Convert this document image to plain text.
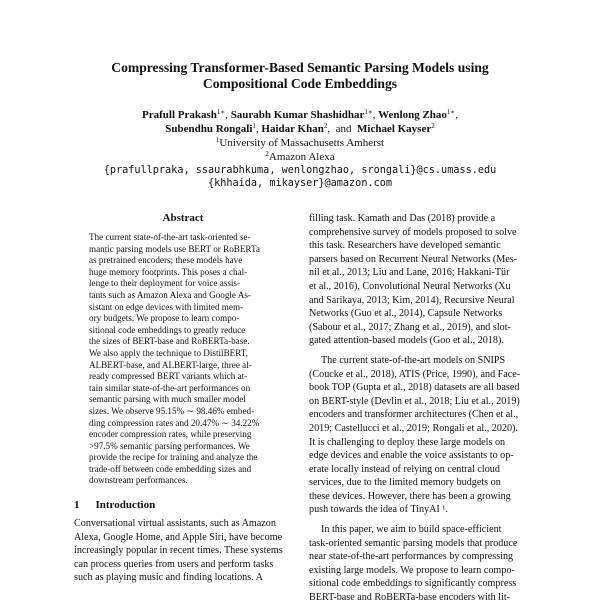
Compressing Transformer-Based Semantic Parsing Models using
Compositional Code Embeddings
Prafull Prakash$^{1∗}$, Saurabh Kumar Shashidhar$^{1∗}$, Wenlong Zhao$^{1∗}$,
Subendhu Rongali$^1$, Haidar Khan$^2$, and Michael Kayser$^2$
$^1$University of Massachusetts Amherst
$^2$Amazon Alexa
{prafullpraka, ssaurabhkuma, wenlongzhao, srongali}@cs.umass.edu
{khhaida, mikayser}@amazon.com
Abstract
The current state-of-the-art task-oriented se-
mantic parsing models use BERT or RoBERTa
as pretrained encoders; these models have
huge memory footprints. This poses a chal-
lenge to their deployment for voice assis-
tants such as Amazon Alexa and Google As-
sistant on edge devices with limited mem-
ory budgets. We propose to learn compo-
sitional code embeddings to greatly reduce
the sizes of BERT-base and RoBERTa-base.
We also apply the technique to DistilBERT,
ALBERT-base, and ALBERT-large, three al-
ready compressed BERT variants which at-
tain similar state-of-the-art performances on
semantic parsing with much smaller model
sizes. We observe 95.15% ∼ 98.46% embed-
ding compression rates and 20.47% ∼ 34.22%
encoder compression rates, while preserving
>97.5% semantic parsing performances. We
provide the recipe for training and analyze the
trade-off between code embedding sizes and
downstream performances.
1 Introduction
Conversational virtual assistants, such as Amazon
Alexa, Google Home, and Apple Siri, have become
increasingly popular in recent times. These systems
can process queries from users and perform tasks
such as playing music and finding locations. A
filling task. Kamath and Das (2018) provide a
comprehensive survey of models proposed to solve
this task. Researchers have developed semantic
parsers based on Recurrent Neural Networks (Mes-
nil et al., 2013; Liu and Lane, 2016; Hakkani-Tür
et al., 2016), Convolutional Neural Networks (Xu
and Sarikaya, 2013; Kim, 2014), Recursive Neural
Networks (Guo et al., 2014), Capsule Networks
(Sabour et al., 2017; Zhang et al., 2019), and slot-
gated attention-based models (Goo et al., 2018).
The current state-of-the-art models on SNIPS
(Coucke et al., 2018), ATIS (Price, 1990), and Face-
book TOP (Gupta et al., 2018) datasets are all based
on BERT-style (Devlin et al., 2018; Liu et al., 2019)
encoders and transformer architectures (Chen et al.,
2019; Castellucci et al., 2019; Rongali et al., 2020).
It is challenging to deploy these large models on
edge devices and enable the voice assistants to op-
erate locally instead of relying on central cloud
services, due to the limited memory budgets on
these devices. However, there has been a growing
push towards the idea of TinyAI ¹.
In this paper, we aim to build space-efficient
task-oriented semantic parsing models that produce
near state-of-the-art performances by compressing
existing large models. We propose to learn compo-
sitional code embeddings to significantly compress
BERT-base and RoBERTa-base encoders with lit-
